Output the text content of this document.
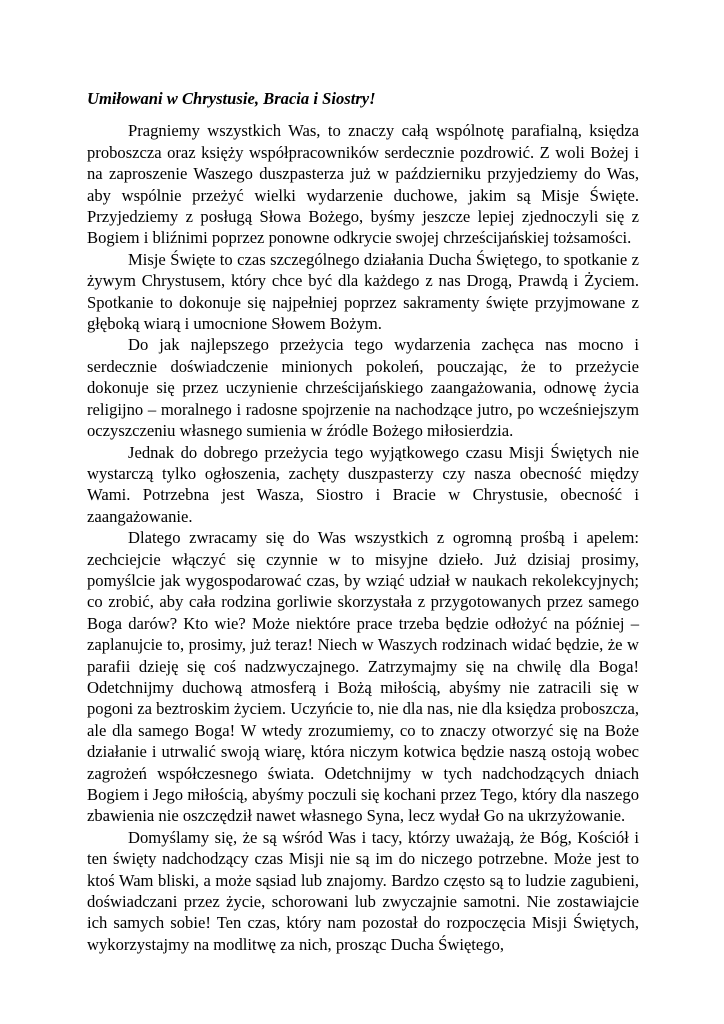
Umiłowani w Chrystusie, Bracia i Siostry!

Pragniemy wszystkich Was, to znaczy całą wspólnotę parafialną, księdza proboszcza oraz księży współpracowników serdecznie pozdrowić. Z woli Bożej i na zaproszenie Waszego duszpasterza już w październiku przyjedziemy do Was, aby wspólnie przeżyć wielki wydarzenie duchowe, jakim są Misje Święte. Przyjedziemy z posługą Słowa Bożego, byśmy jeszcze lepiej zjednoczyli się z Bogiem i bliźnimi poprzez ponowne odkrycie swojej chrześcijańskiej tożsamości.

Misje Święte to czas szczególnego działania Ducha Świętego, to spotkanie z żywym Chrystusem, który chce być dla każdego z nas Drogą, Prawdą i Życiem. Spotkanie to dokonuje się najpełniej poprzez sakramenty święte przyjmowane z głęboką wiarą i umocnione Słowem Bożym.

Do jak najlepszego przeżycia tego wydarzenia zachęca nas mocno i serdecznie doświadczenie minionych pokoleń, pouczając, że to przeżycie dokonuje się przez uczynienie chrześcijańskiego zaangażowania, odnowę życia religijno – moralnego i radosne spojrzenie na nachodzące jutro, po wcześniejszym oczyszczeniu własnego sumienia w źródle Bożego miłosierdzia.

Jednak do dobrego przeżycia tego wyjątkowego czasu Misji Świętych nie wystarczą tylko ogłoszenia, zachęty duszpasterzy czy nasza obecność między Wami. Potrzebna jest Wasza, Siostro i Bracie w Chrystusie, obecność i zaangażowanie.

Dlatego zwracamy się do Was wszystkich z ogromną prośbą i apelem: zechciejcie włączyć się czynnie w to misyjne dzieło. Już dzisiaj prosimy, pomyślcie jak wygospodarować czas, by wziąć udział w naukach rekolekcyjnych; co zrobić, aby cała rodzina gorliwie skorzystała z przygotowanych przez samego Boga darów? Kto wie? Może niektóre prace trzeba będzie odłożyć na później – zaplanujcie to, prosimy, już teraz! Niech w Waszych rodzinach widać będzie, że w parafii dzieję się coś nadzwyczajnego. Zatrzymajmy się na chwilę dla Boga! Odetchnijmy duchową atmosferą i Bożą miłością, abyśmy nie zatracili się w pogoni za beztroskim życiem. Uczyńcie to, nie dla nas, nie dla księdza proboszcza, ale dla samego Boga! W wtedy zrozumiemy, co to znaczy otworzyć się na Boże działanie i utrwalić swoją wiarę, która niczym kotwica będzie naszą ostoją wobec zagrożeń współczesnego świata. Odetchnijmy w tych nadchodzących dniach Bogiem i Jego miłością, abyśmy poczuli się kochani przez Tego, który dla naszego zbawienia nie oszczędził nawet własnego Syna, lecz wydał Go na ukrzyżowanie.

Domyślamy się, że są wśród Was i tacy, którzy uważają, że Bóg, Kościół i ten święty nadchodzący czas Misji nie są im do niczego potrzebne. Może jest to ktoś Wam bliski, a może sąsiad lub znajomy. Bardzo często są to ludzie zagubieni, doświadczani przez życie, schorowani lub zwyczajnie samotni. Nie zostawiajcie ich samych sobie! Ten czas, który nam pozostał do rozpoczęcia Misji Świętych, wykorzystajmy na modlitwę za nich, prosząc Ducha Świętego,
